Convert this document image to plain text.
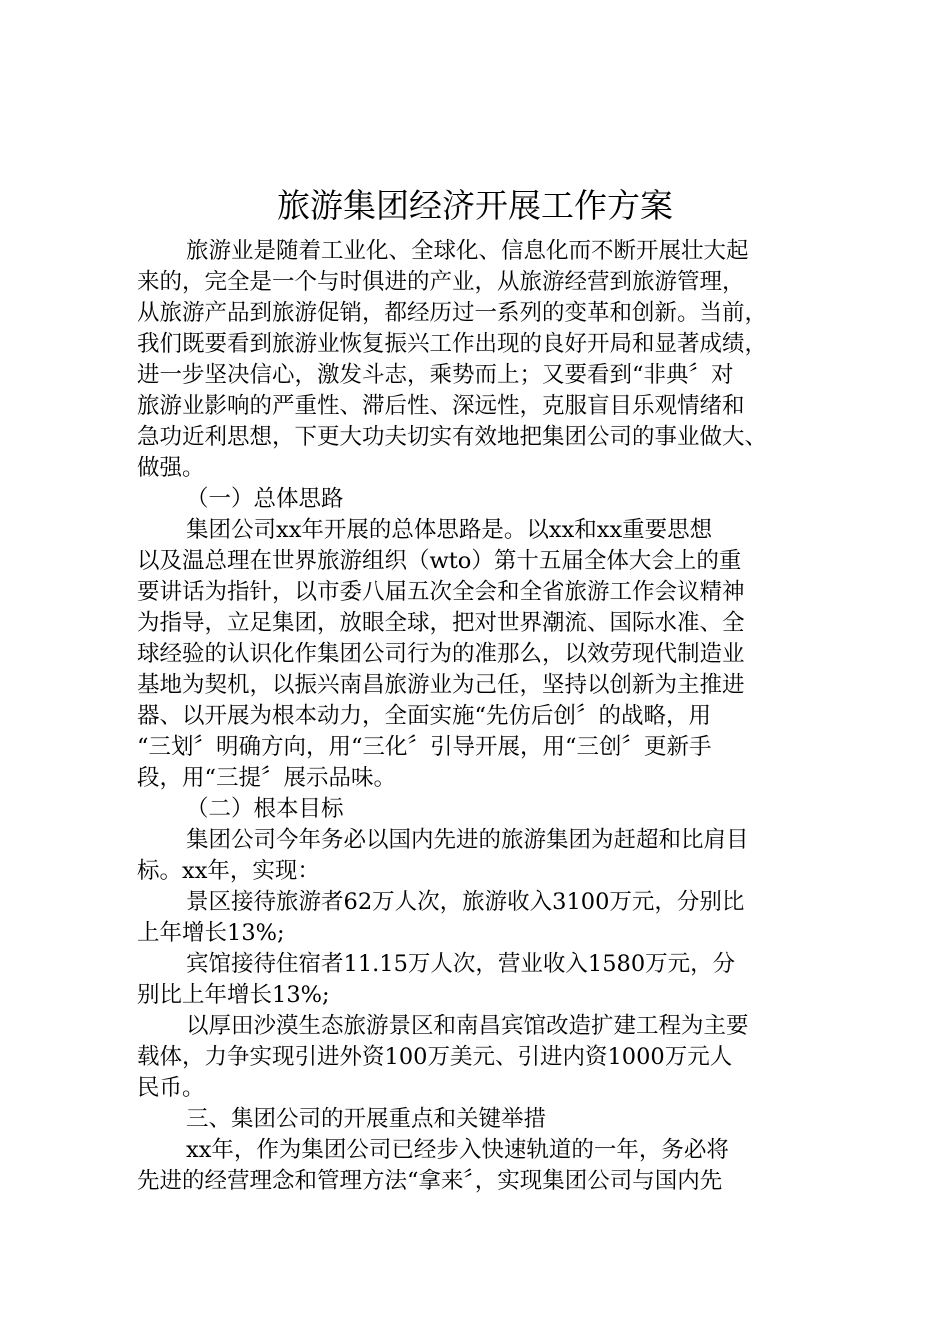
旅游集团经济开展工作方案
旅游业是随着工业化、全球化、信息化而不断开展壮大起
来的，完全是一个与时俱进的产业，从旅游经营到旅游管理，
从旅游产品到旅游促销，都经历过一系列的变革和创新。当前，
我们既要看到旅游业恢复振兴工作出现的良好开局和显著成绩，
进一步坚决信心，激发斗志，乘势而上；又要看到“非典〞对
旅游业影响的严重性、滞后性、深远性，克服盲目乐观情绪和
急功近利思想，下更大功夫切实有效地把集团公司的事业做大、
做强。
（一）总体思路
集团公司xx年开展的总体思路是。以xx和xx重要思想
以及温总理在世界旅游组织（wto）第十五届全体大会上的重
要讲话为指针，以市委八届五次全会和全省旅游工作会议精神
为指导，立足集团，放眼全球，把对世界潮流、国际水准、全
球经验的认识化作集团公司行为的准那么，以效劳现代制造业
基地为契机，以振兴南昌旅游业为己任，坚持以创新为主推进
器、以开展为根本动力，全面实施“先仿后创〞的战略，用
“三划〞明确方向，用“三化〞引导开展，用“三创〞更新手
段，用“三提〞展示品味。
（二）根本目标
集团公司今年务必以国内先进的旅游集团为赶超和比肩目
标。xx年，实现：
景区接待旅游者62万人次，旅游收入3100万元，分别比
上年增长13%;
宾馆接待住宿者11.15万人次，营业收入1580万元，分
别比上年增长13%;
以厚田沙漠生态旅游景区和南昌宾馆改造扩建工程为主要
载体，力争实现引进外资100万美元、引进内资1000万元人
民币。
三、集团公司的开展重点和关键举措
xx年，作为集团公司已经步入快速轨道的一年，务必将
先进的经营理念和管理方法“拿来〞，实现集团公司与国内先
